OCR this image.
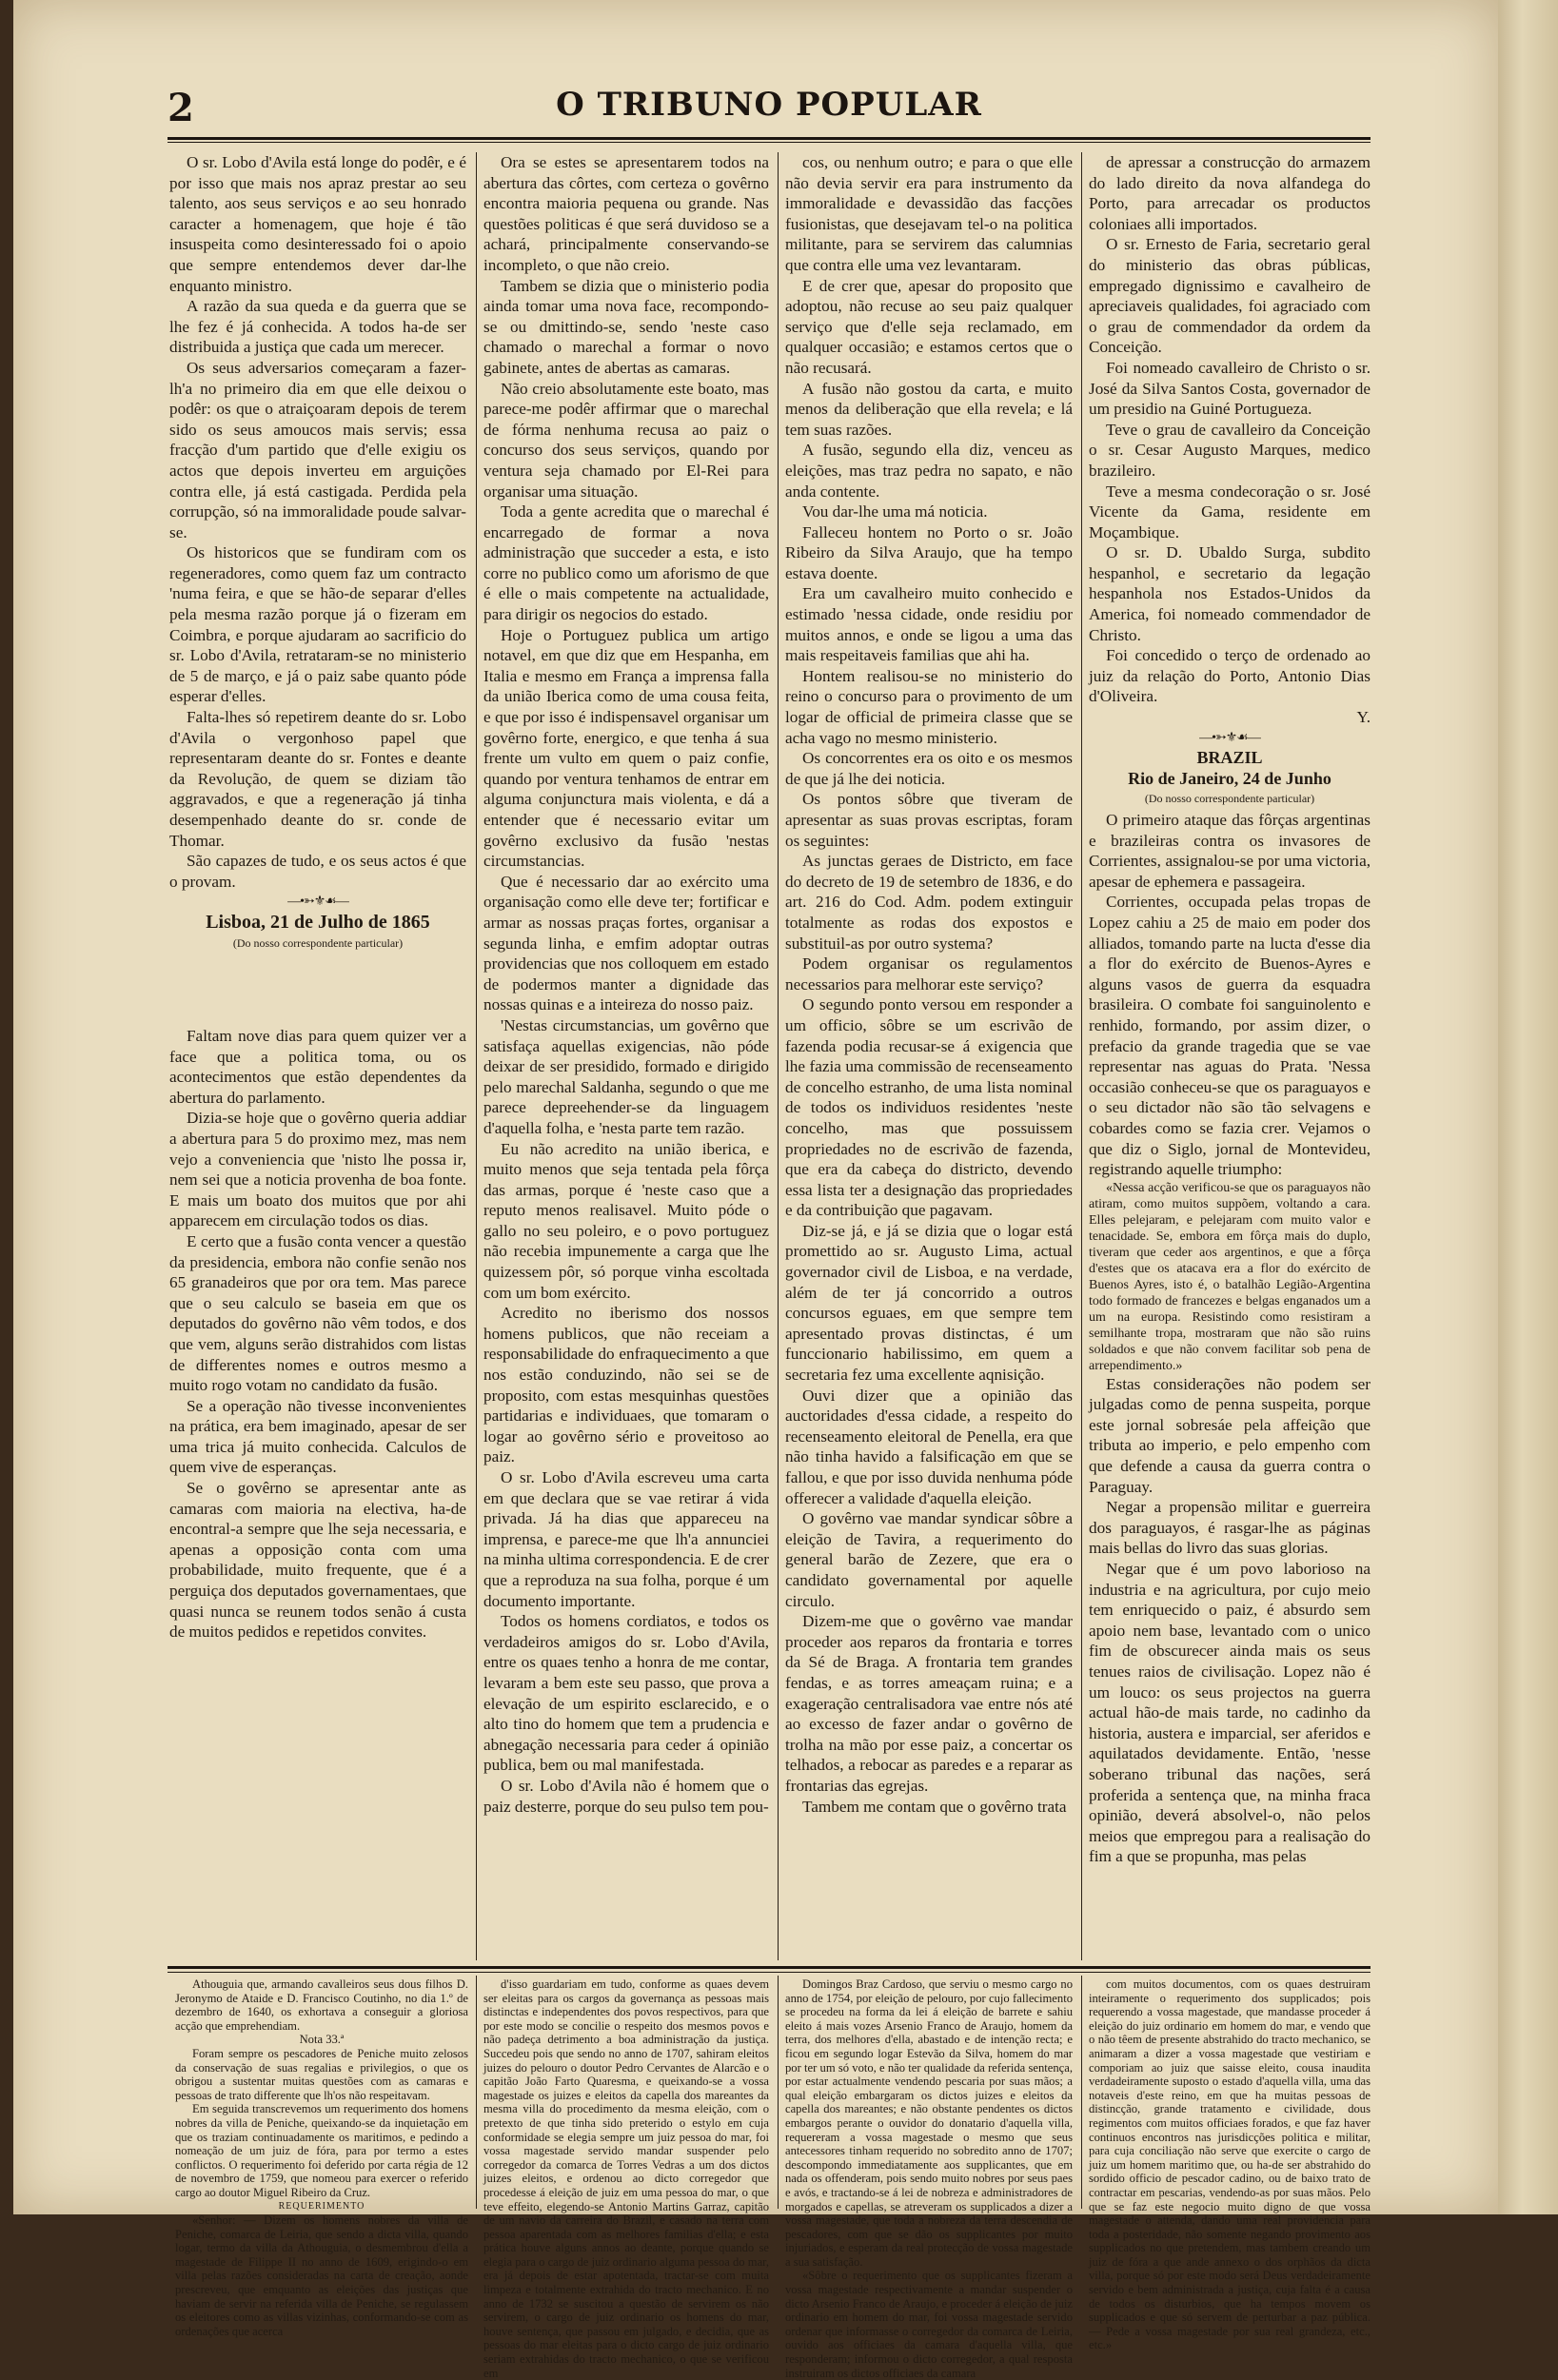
2	O TRIBUNO POPULAR

O sr. Lobo d'Avila está longe do podêr, e é por isso que mais nos apraz prestar ao seu talento, aos seus serviços e ao seu honrado caracter a homenagem, que hoje é tão insuspeita como desinteressado foi o apoio que sempre entendemos dever dar-lhe enquanto ministro.

A razão da sua queda e da guerra que se lhe fez é já conhecida. A todos ha-de ser distribuida a justiça que cada um merecer.

Os seus adversarios começaram a fazer-lh'a no primeiro dia em que elle deixou o podêr: os que o atraiçoaram depois de terem sido os seus amoucos mais servis; essa fracção d'um partido que d'elle exigiu os actos que depois inverteu em arguições contra elle, já está castigada. Perdida pela corrupção, só na immoralidade poude salvar-se.

Os historicos que se fundiram com os regeneradores, como quem faz um contracto 'numa feira, e que se hão-de separar d'elles pela mesma razão porque já o fizeram em Coimbra, e porque ajudaram ao sacrificio do sr. Lobo d'Avila, retrataram-se no ministerio de 5 de março, e já o paiz sabe quanto póde esperar d'elles.

Falta-lhes só repetirem deante do sr. Lobo d'Avila o vergonhoso papel que representaram deante do sr. Fontes e deante da Revolução, de quem se diziam tão aggravados, e que a regeneração já tinha desempenhado deante do sr. conde de Thomar.

São capazes de tudo, e os seus actos é que o provam.

—•➳⚜☙—

Lisboa, 21 de Julho de 1865

(Do nosso correspondente particular)

Faltam nove dias para quem quizer ver a face que a politica toma, ou os acontecimentos que estão dependentes da abertura do parlamento.

Dizia-se hoje que o govêrno queria addiar a abertura para 5 do proximo mez, mas nem vejo a conveniencia que 'nisto lhe possa ir, nem sei que a noticia provenha de boa fonte. E mais um boato dos muitos que por ahi apparecem em circulação todos os dias.

E certo que a fusão conta vencer a questão da presidencia, embora não confie senão nos 65 granadeiros que por ora tem. Mas parece que o seu calculo se baseia em que os deputados do govêrno não vêm todos, e dos que vem, alguns serão distrahidos com listas de differentes nomes e outros mesmo a muito rogo votam no candidato da fusão.

Se a operação não tivesse inconvenientes na prática, era bem imaginado, apesar de ser uma trica já muito conhecida. Calculos de quem vive de esperanças.

Se o govêrno se apresentar ante as camaras com maioria na electiva, ha-de encontral-a sempre que lhe seja necessaria, e apenas a opposição conta com uma probabilidade, muito frequente, que é a perguiça dos deputados governamentaes, que quasi nunca se reunem todos senão á custa de muitos pedidos e repetidos convites.

Ora se estes se apresentarem todos na abertura das côrtes, com certeza o govêrno encontra maioria pequena ou grande. Nas questões politicas é que será duvidoso se a achará, principalmente conservando-se incompleto, o que não creio.

Tambem se dizia que o ministerio podia ainda tomar uma nova face, recompondo-se ou dmittindo-se, sendo 'neste caso chamado o marechal a formar o novo gabinete, antes de abertas as camaras.

Não creio absolutamente este boato, mas parece-me podêr affirmar que o marechal de fórma nenhuma recusa ao paiz o concurso dos seus serviços, quando por ventura seja chamado por El-Rei para organisar uma situação.

Toda a gente acredita que o marechal é encarregado de formar a nova administração que succeder a esta, e isto corre no publico como um aforismo de que é elle o mais competente na actualidade, para dirigir os negocios do estado.

Hoje o Portuguez publica um artigo notavel, em que diz que em Hespanha, em Italia e mesmo em França a imprensa falla da união Iberica como de uma cousa feita, e que por isso é indispensavel organisar um govêrno forte, energico, e que tenha á sua frente um vulto em quem o paiz confie, quando por ventura tenhamos de entrar em alguma conjunctura mais violenta, e dá a entender que é necessario evitar um govêrno exclusivo da fusão 'nestas circumstancias.

Que é necessario dar ao exército uma organisação como elle deve ter; fortificar e armar as nossas praças fortes, organisar a segunda linha, e emfim adoptar outras providencias que nos colloquem em estado de podermos manter a dignidade das nossas quinas e a inteireza do nosso paiz.

'Nestas circumstancias, um govêrno que satisfaça aquellas exigencias, não póde deixar de ser presidido, formado e dirigido pelo marechal Saldanha, segundo o que me parece depreehender-se da linguagem d'aquella folha, e 'nesta parte tem razão.

Eu não acredito na união iberica, e muito menos que seja tentada pela fôrça das armas, porque é 'neste caso que a reputo menos realisavel. Muito póde o gallo no seu poleiro, e o povo portuguez não recebia impunemente a carga que lhe quizessem pôr, só porque vinha escoltada com um bom exército.

Acredito no iberismo dos nossos homens publicos, que não receiam a responsabilidade do enfraquecimento a que nos estão conduzindo, não sei se de proposito, com estas mesquinhas questões partidarias e individuaes, que tomaram o logar ao govêrno sério e proveitoso ao paiz.

O sr. Lobo d'Avila escreveu uma carta em que declara que se vae retirar á vida privada. Já ha dias que appareceu na imprensa, e parece-me que lh'a annunciei na minha ultima correspondencia. E de crer que a reproduza na sua folha, porque é um documento importante.

Todos os homens cordiatos, e todos os verdadeiros amigos do sr. Lobo d'Avila, entre os quaes tenho a honra de me contar, levaram a bem este seu passo, que prova a elevação de um espirito esclarecido, e o alto tino do homem que tem a prudencia e abnegação necessaria para ceder á opinião publica, bem ou mal manifestada.

O sr. Lobo d'Avila não é homem que o paiz desterre, porque do seu pulso tem pou-

cos, ou nenhum outro; e para o que elle não devia servir era para instrumento da immoralidade e devassidão das facções fusionistas, que desejavam tel-o na politica militante, para se servirem das calumnias que contra elle uma vez levantaram.

E de crer que, apesar do proposito que adoptou, não recuse ao seu paiz qualquer serviço que d'elle seja reclamado, em qualquer occasião; e estamos certos que o não recusará.

A fusão não gostou da carta, e muito menos da deliberação que ella revela; e lá tem suas razões.

A fusão, segundo ella diz, venceu as eleições, mas traz pedra no sapato, e não anda contente.

Vou dar-lhe uma má noticia.

Falleceu hontem no Porto o sr. João Ribeiro da Silva Araujo, que ha tempo estava doente.

Era um cavalheiro muito conhecido e estimado 'nessa cidade, onde residiu por muitos annos, e onde se ligou a uma das mais respeitaveis familias que ahi ha.

Hontem realisou-se no ministerio do reino o concurso para o provimento de um logar de official de primeira classe que se acha vago no mesmo ministerio.

Os concorrentes era os oito e os mesmos de que já lhe dei noticia.

Os pontos sôbre que tiveram de apresentar as suas provas escriptas, foram os seguintes:

As junctas geraes de Districto, em face do decreto de 19 de setembro de 1836, e do art. 216 do Cod. Adm. podem extinguir totalmente as rodas dos expostos e substituil-as por outro systema?

Podem organisar os regulamentos necessarios para melhorar este serviço?

O segundo ponto versou em responder a um officio, sôbre se um escrivão de fazenda podia recusar-se á exigencia que lhe fazia uma commissão de recenseamento de concelho estranho, de uma lista nominal de todos os individuos residentes 'neste concelho, mas que possuissem propriedades no de escrivão de fazenda, que era da cabeça do districto, devendo essa lista ter a designação das propriedades e da contribuição que pagavam.

Diz-se já, e já se dizia que o logar está promettido ao sr. Augusto Lima, actual governador civil de Lisboa, e na verdade, além de ter já concorrido a outros concursos eguaes, em que sempre tem apresentado provas distinctas, é um funccionario habilissimo, em quem a secretaria fez uma excellente aqnisição.

Ouvi dizer que a opinião das auctoridades d'essa cidade, a respeito do recenseamento eleitoral de Penella, era que não tinha havido a falsificação em que se fallou, e que por isso duvida nenhuma póde offerecer a validade d'aquella eleição.

O govêrno vae mandar syndicar sôbre a eleição de Tavira, a requerimento do general barão de Zezere, que era o candidato governamental por aquelle circulo.

Dizem-me que o govêrno vae mandar proceder aos reparos da frontaria e torres da Sé de Braga. A frontaria tem grandes fendas, e as torres ameaçam ruina; e a exageração centralisadora vae entre nós até ao excesso de fazer andar o govêrno de trolha na mão por esse paiz, a concertar os telhados, a rebocar as paredes e a reparar as frontarias das egrejas.

Tambem me contam que o govêrno trata

de apressar a construcção do armazem do lado direito da nova alfandega do Porto, para arrecadar os productos coloniaes alli importados.

O sr. Ernesto de Faria, secretario geral do ministerio das obras públicas, empregado dignissimo e cavalheiro de apreciaveis qualidades, foi agraciado com o grau de commendador da ordem da Conceição.

Foi nomeado cavalleiro de Christo o sr. José da Silva Santos Costa, governador de um presidio na Guiné Portugueza.

Teve o grau de cavalleiro da Conceição o sr. Cesar Augusto Marques, medico brazileiro.

Teve a mesma condecoração o sr. José Vicente da Gama, residente em Moçambique.

O sr. D. Ubaldo Surga, subdito hespanhol, e secretario da legação hespanhola nos Estados-Unidos da America, foi nomeado commendador de Christo.

Foi concedido o terço de ordenado ao juiz da relação do Porto, Antonio Dias d'Oliveira.

Y.

—•➳⚜☙—

BRAZIL

Rio de Janeiro, 24 de Junho

(Do nosso correspondente particular)

O primeiro ataque das fôrças argentinas e brazileiras contra os invasores de Corrientes, assignalou-se por uma victoria, apesar de ephemera e passageira.

Corrientes, occupada pelas tropas de Lopez cahiu a 25 de maio em poder dos alliados, tomando parte na lucta d'esse dia a flor do exército de Buenos-Ayres e alguns vasos de guerra da esquadra brasileira. O combate foi sanguinolento e renhido, formando, por assim dizer, o prefacio da grande tragedia que se vae representar nas aguas do Prata. 'Nessa occasião conheceu-se que os paraguayos e o seu dictador não são tão selvagens e cobardes como se fazia crer. Vejamos o que diz o Siglo, jornal de Montevideu, registrando aquelle triumpho:

«Nessa acção verificou-se que os paraguayos não atiram, como muitos suppõem, voltando a cara. Elles pelejaram, e pelejaram com muito valor e tenacidade. Se, embora em fôrça mais do duplo, tiveram que ceder aos argentinos, e que a fôrça d'estes que os atacava era a flor do exército de Buenos Ayres, isto é, o batalhão Legião-Argentina todo formado de francezes e belgas enganados um a um na europa. Resistindo como resistiram a semilhante tropa, mostraram que não são ruins soldados e que não convem facilitar sob pena de arrependimento.»

Estas considerações não podem ser julgadas como de penna suspeita, porque este jornal sobresáe pela affeição que tributa ao imperio, e pelo empenho com que defende a causa da guerra contra o Paraguay.

Negar a propensão militar e guerreira dos paraguayos, é rasgar-lhe as páginas mais bellas do livro das suas glorias.

Negar que é um povo laborioso na industria e na agricultura, por cujo meio tem enriquecido o paiz, é absurdo sem apoio nem base, levantado com o unico fim de obscurecer ainda mais os seus tenues raios de civilisação. Lopez não é um louco: os seus projectos na guerra actual hão-de mais tarde, no cadinho da historia, austera e imparcial, ser aferidos e aquilatados devidamente. Então, 'nesse soberano tribunal das nações, será proferida a sentença que, na minha fraca opinião, deverá absolvel-o, não pelos meios que empregou para a realisação do fim a que se propunha, mas pelas

Athouguia que, armando cavalleiros seus dous filhos D. Jeronymo de Ataide e D. Francisco Coutinho, no dia 1.º de dezembro de 1640, os exhortava a conseguir a gloriosa acção que emprehendiam.

Nota 33.ª

Foram sempre os pescadores de Peniche muito zelosos da conservação de suas regalias e privilegios, o que os obrigou a sustentar muitas questões com as camaras e pessoas de trato differente que lh'os não respeitavam.

Em seguida transcrevemos um requerimento dos homens nobres da villa de Peniche, queixando-se da inquietação em que os traziam continuadamente os maritimos, e pedindo a nomeação de um juiz de fóra, para por termo a estes conflictos. O requerimento foi deferido por carta régia de 12 de novembro de 1759, que nomeou para exercer o referido cargo ao doutor Miguel Ribeiro da Cruz.

REQUERIMENTO

«Senhor: — Dizem os homens nobres da villa de Peniche, comarca de Leiria, que sendo a dicta villa, quando logar, termo da villa da Athouguia, o desmembrou d'ella a magestade de Filippe II no anno de 1609, erigindo-o em villa pelas razões consideradas na carta de creação, aonde prescreveu, que emquanto as eleições das justiças que haviam de servir na referida villa de Peniche, se regulassem os eleitores como as villas vizinhas, conformando-se com as ordenações que acerca

d'isso guardariam em tudo, conforme as quaes devem ser eleitas para os cargos da governança as pessoas mais distinctas e independentes dos povos respectivos, para que por este modo se concilie o respeito dos mesmos povos e não padeça detrimento a boa administração da justiça. Succedeu pois que sendo no anno de 1707, sahiram eleitos juizes do pelouro o doutor Pedro Cervantes de Alarcão e o capitão João Farto Quaresma, e queixando-se a vossa magestade os juizes e eleitos da capella dos mareantes da mesma villa do procedimento da mesma eleição, com o pretexto de que tinha sido preterido o estylo em cuja conformidade se elegia sempre um juiz pessoa do mar, foi vossa magestade servido mandar suspender pelo corregedor da comarca de Torres Vedras a um dos dictos juizes eleitos, e ordenou ao dicto corregedor que procedesse á eleição de juiz em uma pessoa do mar, o que teve effeito, elegendo-se Antonio Martins Garraz, capitão de um navio da carreira do Brazil, e casado na terra com pessoa aparentada com as melhores familias d'ella; e esta prática houve alguns annos ao deante, porque quando se elegia para o cargo de juiz ordinario alguma pessoa do mar, era já depois de estar apotentada, tractar-se com muita limpeza e totalmente extrahida do tracto mechanico. E no anno de 1732 se suscitou a questão de servirem os não servirem, o cargo de juiz ordinario os homens do mar, houve sentença, que passou em julgado, e decidia, que as pessoas do mar eleitas para o dicto cargo de juiz ordinario seriam extrahidas do tracto mechanico, o que se verificou em

Domingos Braz Cardoso, que serviu o mesmo cargo no anno de 1754, por eleição de pelouro, por cujo fallecimento se procedeu na forma da lei á eleição de barrete e sahiu eleito á mais vozes Arsenio Franco de Araujo, homem da terra, dos melhores d'ella, abastado e de intenção recta; e ficou em segundo logar Estevão da Silva, homem do mar por ter um só voto, e não ter qualidade da referida sentença, por estar actualmente vendendo pescaria por suas mãos; a qual eleição embargaram os dictos juizes e eleitos da capella dos mareantes; e não obstante pendentes os dictos embargos perante o ouvidor do donatario d'aquella villa, requereram a vossa magestade o mesmo que seus antecessores tinham requerido no sobredito anno de 1707; descompondo immediatamente aos supplicantes, que em nada os offenderam, pois sendo muito nobres por seus paes e avós, e tractando-se á lei de nobreza e administradores de morgados e capellas, se atreveram os supplicados a dizer a vossa magestade, que toda a nobreza da terra descendia de pescadores, com que se dão os supplicantes por muito injuriados, e esperam da real protecção de vossa magestade a sua satisfação.

«Sôbre o requerimento que os supplicantes fizeram a vossa magestade respectivamente a mandar suspender o dicto Arsenio Franco de Araujo, e proceder á eleição de juiz ordinario em homem do mar, foi vossa magestade servido ordenar que informasse o corregedor da comarca de Leiria, ouvido aos officiaes da camara d'aquella villa, que responderam; informou o dicto corregedor, a qual resposta instruiram os dictos officiaes da camara

com muitos documentos, com os quaes destruiram inteiramente o requerimento dos supplicados; pois requerendo a vossa magestade, que mandasse proceder á eleição do juiz ordinario em homem do mar, e vendo que o não têem de presente abstrahido do tracto mechanico, se animaram a dizer a vossa magestade que vestiriam e comporiam ao juiz que saisse eleito, cousa inaudita verdadeiramente suposto o estado d'aquella villa, uma das notaveis d'este reino, em que ha muitas pessoas de distincção, grande tratamento e civilidade, dous regimentos com muitos officiaes forados, e que faz haver continuos encontros nas jurisdicções politica e militar, para cuja conciliação não serve que exercite o cargo de juiz um homem maritimo que, ou ha-de ser abstrahido do sordido officio de pescador cadino, ou de baixo trato de contractar em pescarias, vendendo-as por suas mãos. Pelo que se faz este negocio muito digno de que vossa magestade o attenda, dando uma real providencia para toda a posteridade, não somente negando provimento aos supplicados no que pretendem, mas tambem creando um juiz de fóra a que ande annexo o dos orphãos da dicta villa, porque só por este modo será Deus verdadeiramente servido e bem administrada a justiça, cuja falta é a causa de todos os disturbios, que ha tempos movem os supplicados e que só servem de perturbar a paz pública. — Pede a vossa magestade por sua real grandeza, etc., etc.»
